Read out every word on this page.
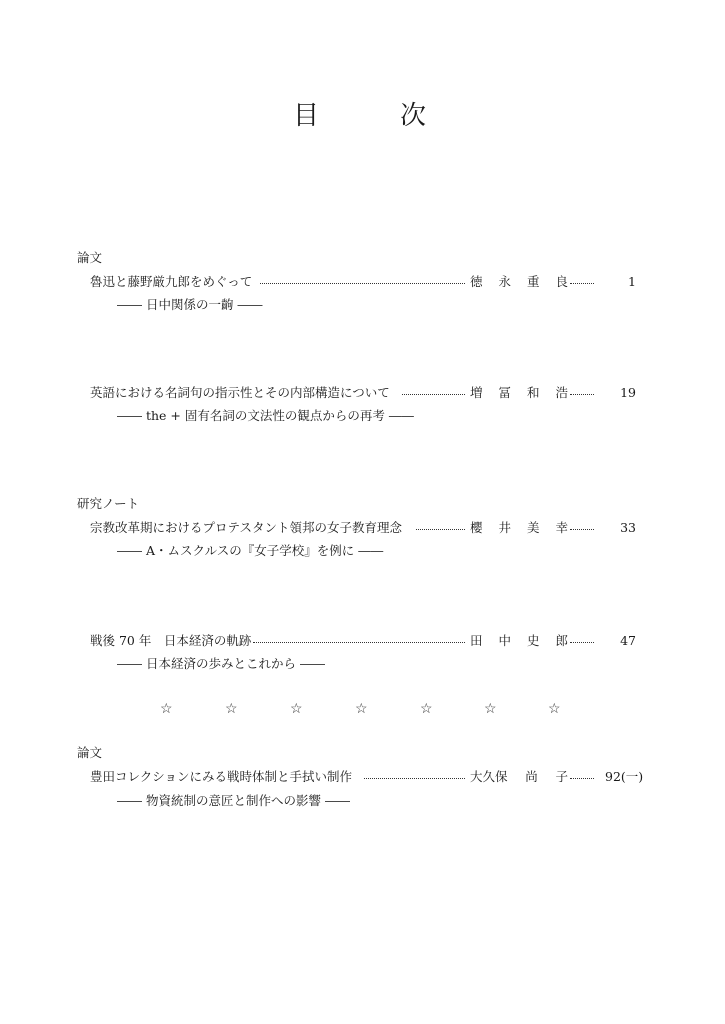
目	次
論文
魯迅と藤野厳九郎をめぐって	徳 永 重 良	1
―― 日中関係の一齣 ――
英語における名詞句の指示性とその内部構造について	増 冨 和 浩	19
―― the + 固有名詞の文法性の観点からの再考 ――
研究ノート
宗教改革期におけるプロテスタント領邦の女子教育理念	櫻 井 美 幸	33
―― A・ムスクルスの『女子学校』を例に ――
戦後 70 年　日本経済の軌跡	田 中 史 郎	47
―― 日本経済の歩みとこれから ――
☆	☆	☆	☆	☆	☆	☆
論文
豊田コレクションにみる戦時体制と手拭い制作	大久保 尚 子	92(一)
―― 物資統制の意匠と制作への影響 ――
